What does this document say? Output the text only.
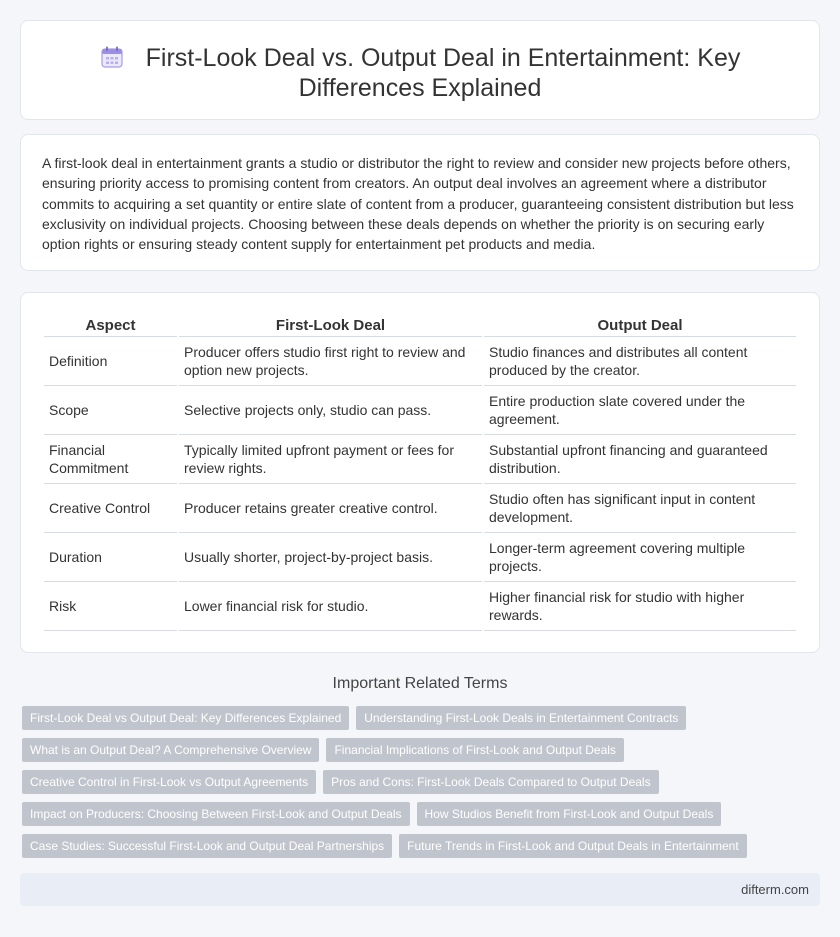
First-Look Deal vs. Output Deal in Entertainment: Key Differences Explained

A first-look deal in entertainment grants a studio or distributor the right to review and consider new projects before others, ensuring priority access to promising content from creators. An output deal involves an agreement where a distributor commits to acquiring a set quantity or entire slate of content from a producer, guaranteeing consistent distribution but less exclusivity on individual projects. Choosing between these deals depends on whether the priority is on securing early option rights or ensuring steady content supply for entertainment pet products and media.

Aspect	First-Look Deal	Output Deal
Definition	Producer offers studio first right to review and option new projects.	Studio finances and distributes all content produced by the creator.
Scope	Selective projects only, studio can pass.	Entire production slate covered under the agreement.
Financial Commitment	Typically limited upfront payment or fees for review rights.	Substantial upfront financing and guaranteed distribution.
Creative Control	Producer retains greater creative control.	Studio often has significant input in content development.
Duration	Usually shorter, project-by-project basis.	Longer-term agreement covering multiple projects.
Risk	Lower financial risk for studio.	Higher financial risk for studio with higher rewards.
Important Related Terms
First-Look Deal vs Output Deal: Key Differences Explained	Understanding First-Look Deals in Entertainment Contracts
What is an Output Deal? A Comprehensive Overview	Financial Implications of First-Look and Output Deals
Creative Control in First-Look vs Output Agreements	Pros and Cons: First-Look Deals Compared to Output Deals
Impact on Producers: Choosing Between First-Look and Output Deals	How Studios Benefit from First-Look and Output Deals
Case Studies: Successful First-Look and Output Deal Partnerships	Future Trends in First-Look and Output Deals in Entertainment
difterm.com
